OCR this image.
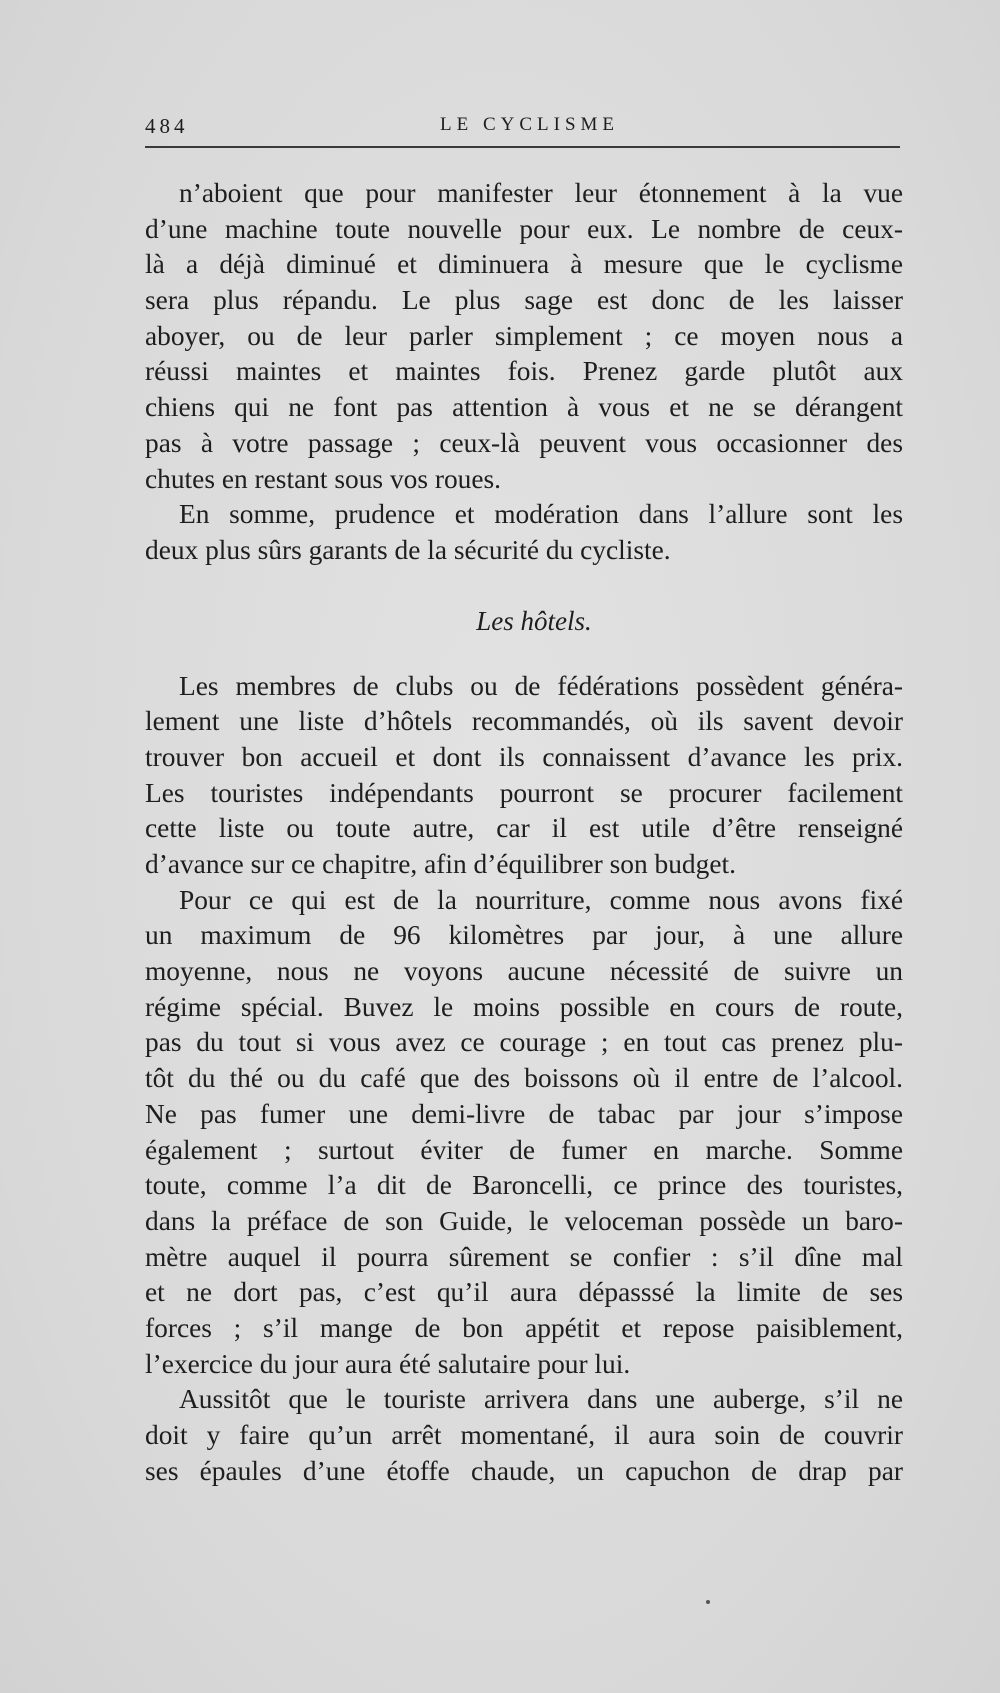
484	LE CYCLISME
n’aboient que pour manifester leur étonnement à la vue
d’une machine toute nouvelle pour eux. Le nombre de ceux-
là a déjà diminué et diminuera à mesure que le cyclisme
sera plus répandu. Le plus sage est donc de les laisser
aboyer, ou de leur parler simplement ; ce moyen nous a
réussi maintes et maintes fois. Prenez garde plutôt aux
chiens qui ne font pas attention à vous et ne se dérangent
pas à votre passage ; ceux-là peuvent vous occasionner des
chutes en restant sous vos roues.
En somme, prudence et modération dans l’allure sont les
deux plus sûrs garants de la sécurité du cycliste.
Les hôtels.
Les membres de clubs ou de fédérations possèdent généra-
lement une liste d’hôtels recommandés, où ils savent devoir
trouver bon accueil et dont ils connaissent d’avance les prix.
Les touristes indépendants pourront se procurer facilement
cette liste ou toute autre, car il est utile d’être renseigné
d’avance sur ce chapitre, afin d’équilibrer son budget.
Pour ce qui est de la nourriture, comme nous avons fixé
un maximum de 96 kilomètres par jour, à une allure
moyenne, nous ne voyons aucune nécessité de suivre un
régime spécial. Buvez le moins possible en cours de route,
pas du tout si vous avez ce courage ; en tout cas prenez plu-
tôt du thé ou du café que des boissons où il entre de l’alcool.
Ne pas fumer une demi-livre de tabac par jour s’impose
également ; surtout éviter de fumer en marche. Somme
toute, comme l’a dit de Baroncelli, ce prince des touristes,
dans la préface de son Guide, le veloceman possède un baro-
mètre auquel il pourra sûrement se confier : s’il dîne mal
et ne dort pas, c’est qu’il aura dépasssé la limite de ses
forces ; s’il mange de bon appétit et repose paisiblement,
l’exercice du jour aura été salutaire pour lui.
Aussitôt que le touriste arrivera dans une auberge, s’il ne
doit y faire qu’un arrêt momentané, il aura soin de couvrir
ses épaules d’une étoffe chaude, un capuchon de drap par
